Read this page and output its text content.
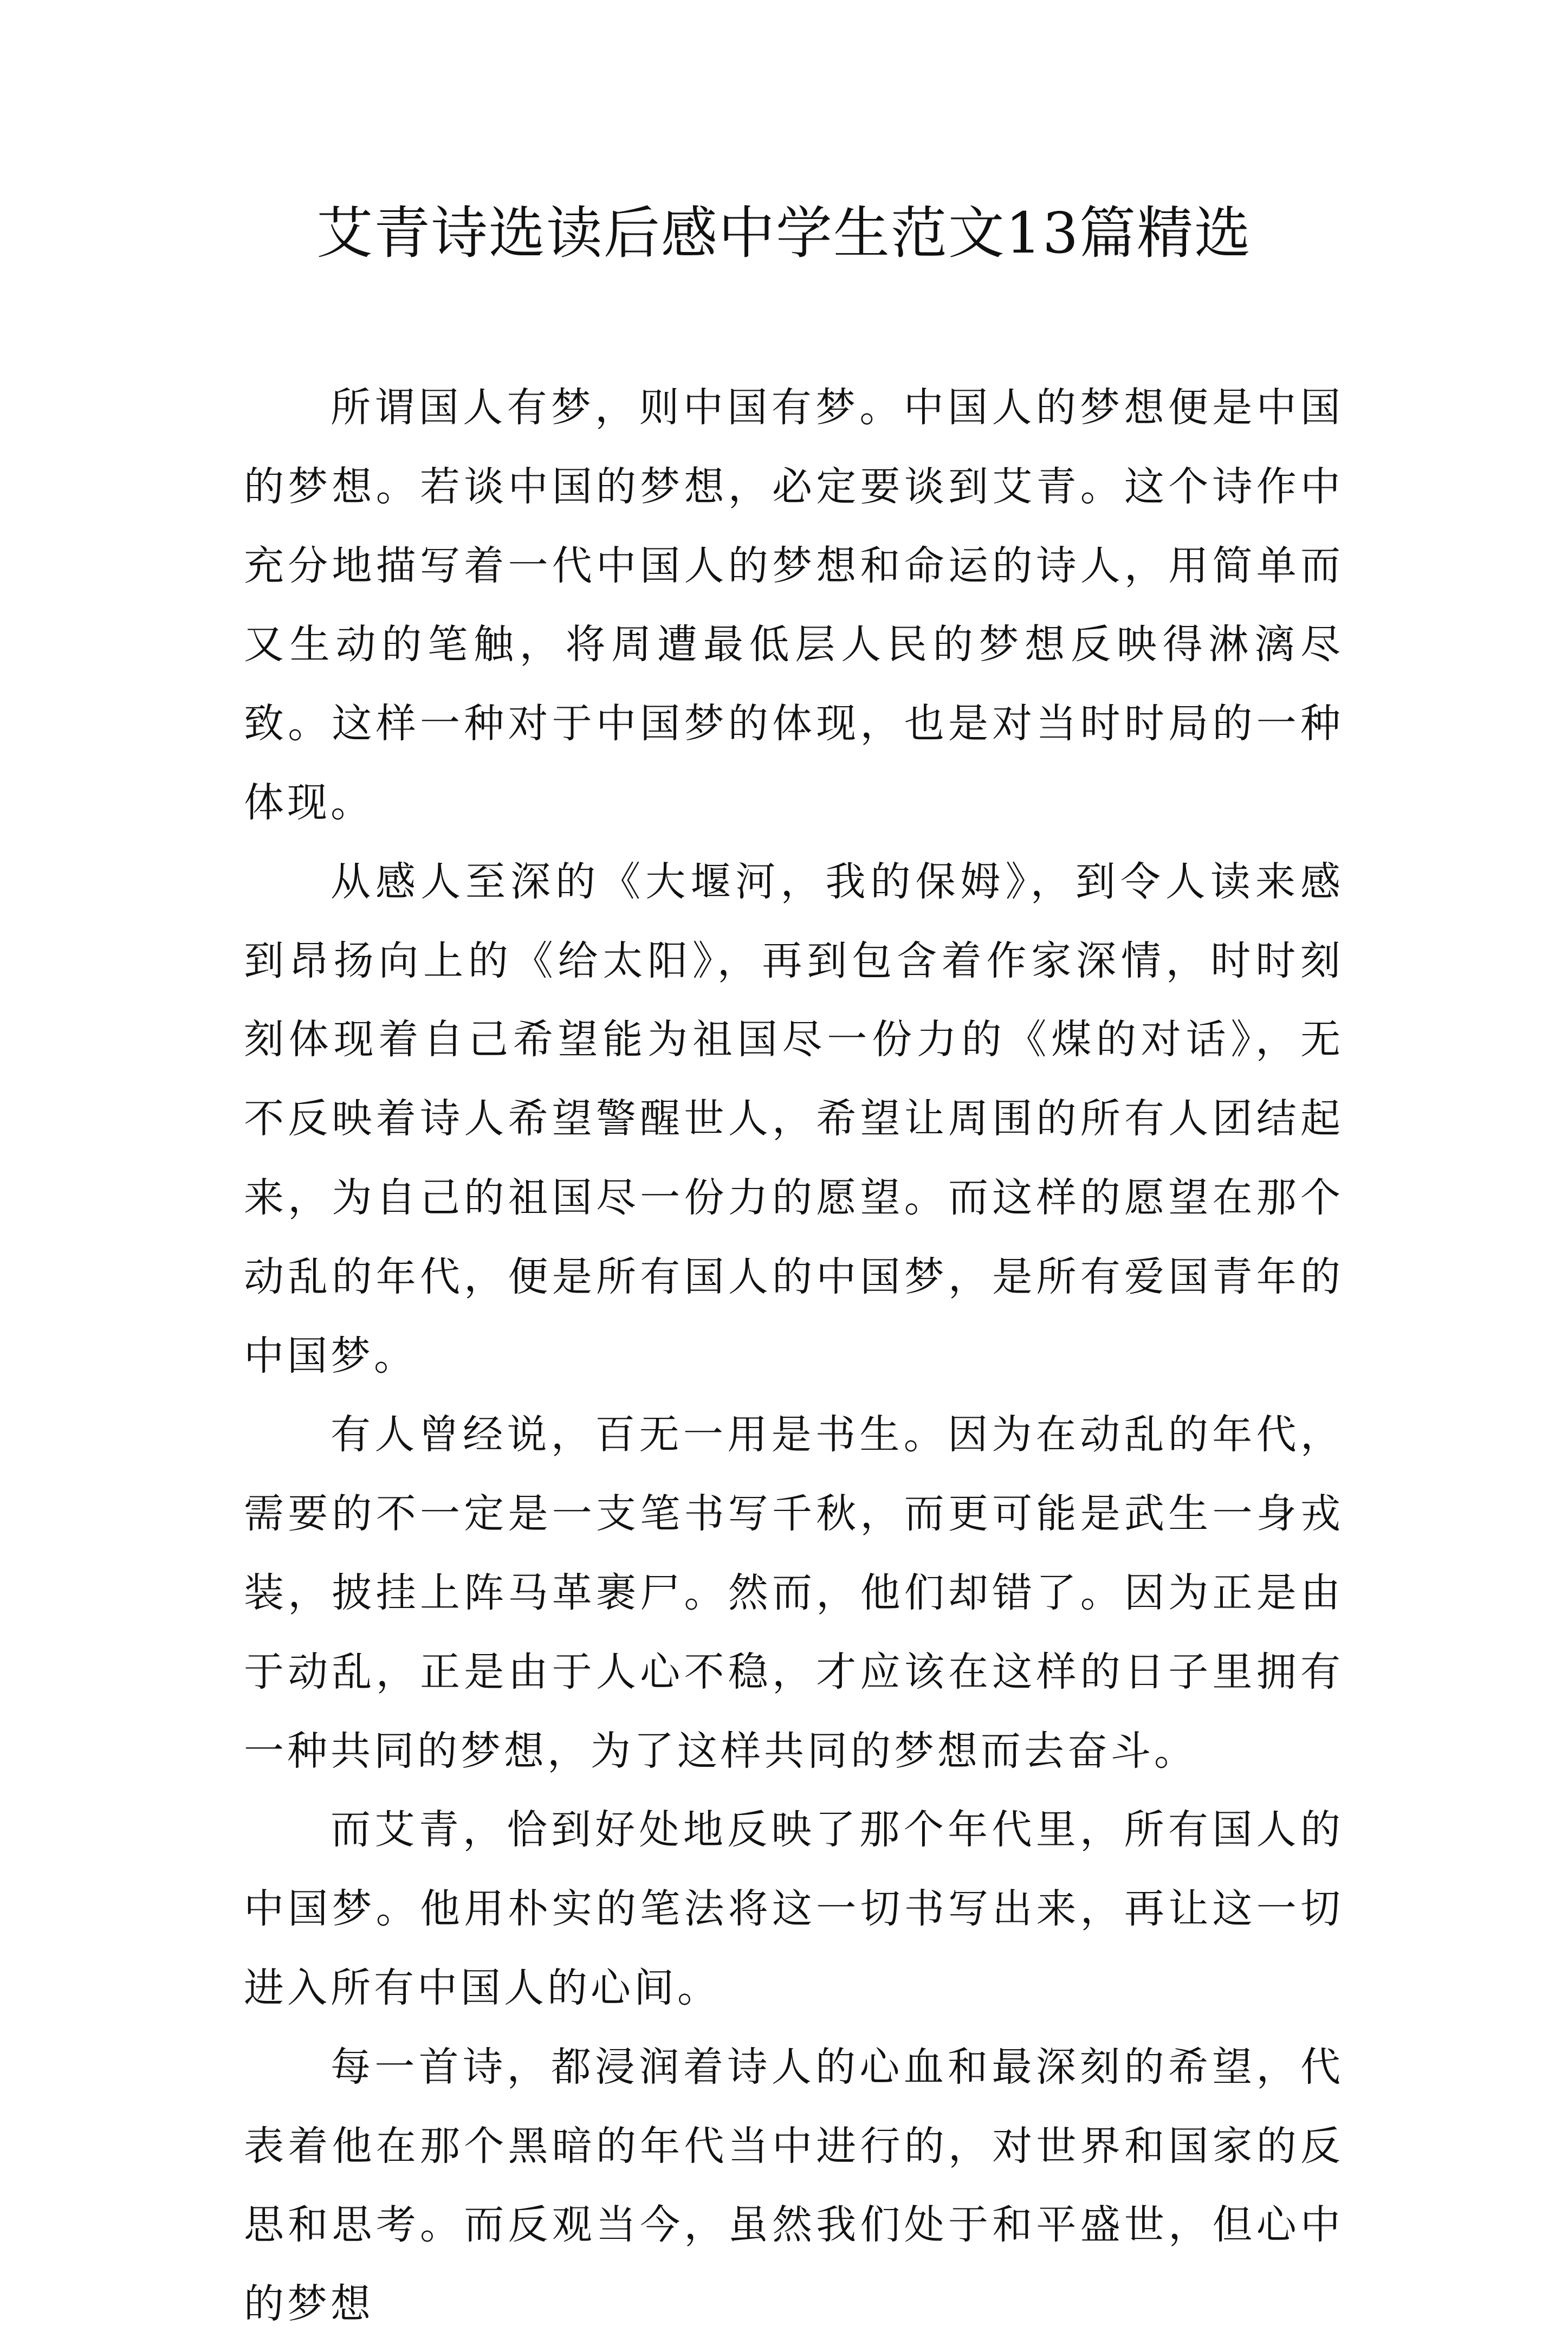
艾青诗选读后感中学生范文13篇精选

所谓国人有梦，则中国有梦。中国人的梦想便是中国的梦想。若谈中国的梦想，必定要谈到艾青。这个诗作中充分地描写着一代中国人的梦想和命运的诗人，用简单而又生动的笔触，将周遭最低层人民的梦想反映得淋漓尽致。这样一种对于中国梦的体现，也是对当时时局的一种体现。

从感人至深的《大堰河，我的保姆》，到令人读来感到昂扬向上的《给太阳》，再到包含着作家深情，时时刻刻体现着自己希望能为祖国尽一份力的《煤的对话》，无不反映着诗人希望警醒世人，希望让周围的所有人团结起来，为自己的祖国尽一份力的愿望。而这样的愿望在那个动乱的年代，便是所有国人的中国梦，是所有爱国青年的中国梦。

有人曾经说，百无一用是书生。因为在动乱的年代，需要的不一定是一支笔书写千秋，而更可能是武生一身戎装，披挂上阵马革裹尸。然而，他们却错了。因为正是由于动乱，正是由于人心不稳，才应该在这样的日子里拥有一种共同的梦想，为了这样共同的梦想而去奋斗。

而艾青，恰到好处地反映了那个年代里，所有国人的中国梦。他用朴实的笔法将这一切书写出来，再让这一切进入所有中国人的心间。

每一首诗，都浸润着诗人的心血和最深刻的希望，代表着他在那个黑暗的年代当中进行的，对世界和国家的反思和思考。而反观当今，虽然我们处于和平盛世，但心中的梦想
